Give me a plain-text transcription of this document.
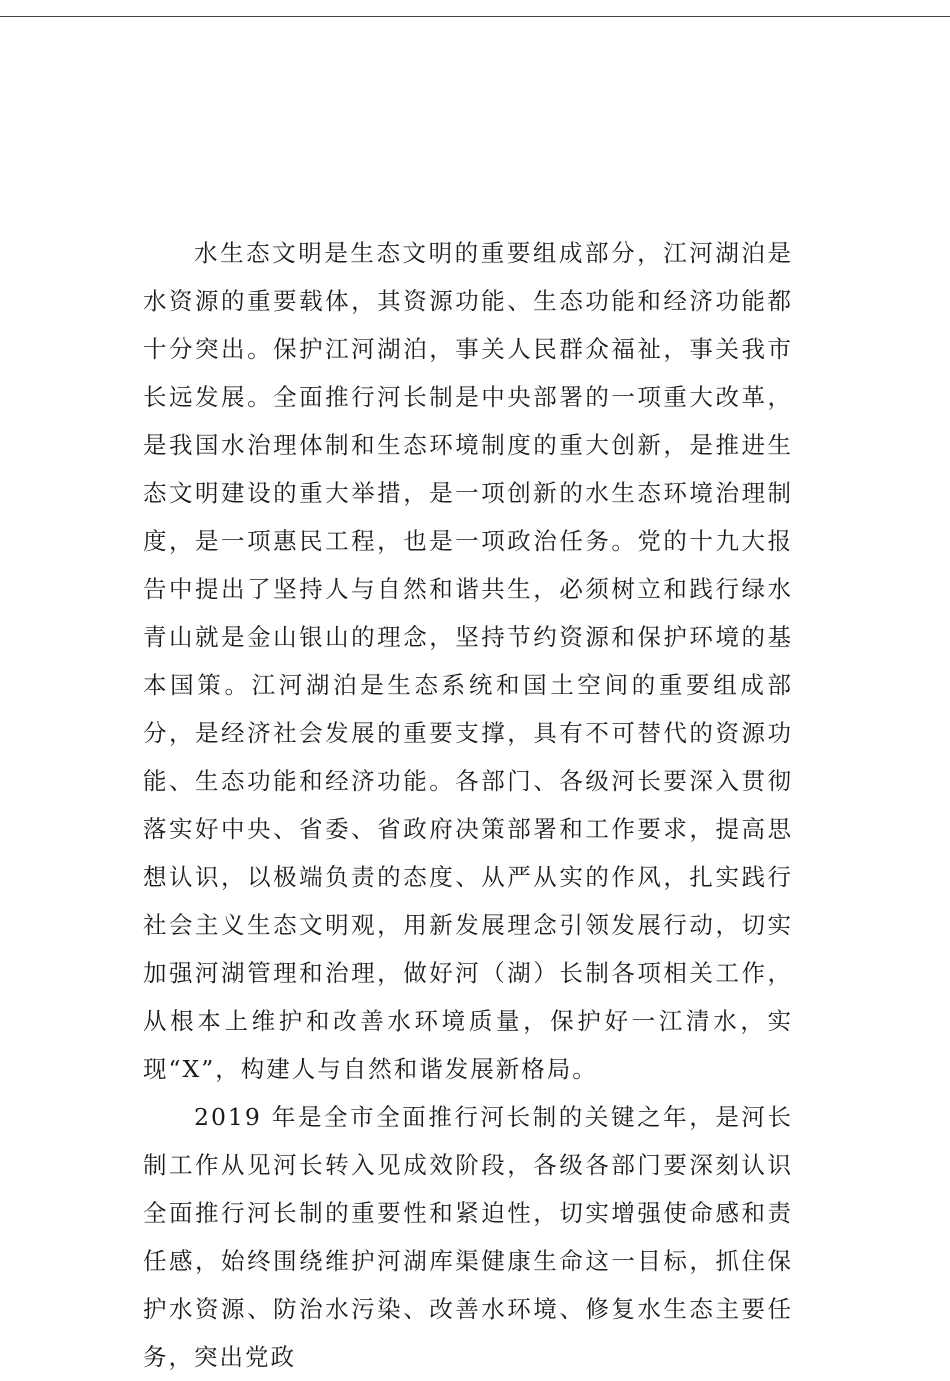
水生态文明是生态文明的重要组成部分，江河湖泊是水资源的重要载体，其资源功能、生态功能和经济功能都十分突出。保护江河湖泊，事关人民群众福祉，事关我市长远发展。全面推行河长制是中央部署的一项重大改革，是我国水治理体制和生态环境制度的重大创新，是推进生态文明建设的重大举措，是一项创新的水生态环境治理制度，是一项惠民工程，也是一项政治任务。党的十九大报告中提出了坚持人与自然和谐共生，必须树立和践行绿水青山就是金山银山的理念，坚持节约资源和保护环境的基本国策。江河湖泊是生态系统和国土空间的重要组成部分，是经济社会发展的重要支撑，具有不可替代的资源功能、生态功能和经济功能。各部门、各级河长要深入贯彻落实好中央、省委、省政府决策部署和工作要求，提高思想认识，以极端负责的态度、从严从实的作风，扎实践行社会主义生态文明观，用新发展理念引领发展行动，切实加强河湖管理和治理，做好河（湖）长制各项相关工作，从根本上维护和改善水环境质量，保护好一江清水，实现“X”，构建人与自然和谐发展新格局。

2019 年是全市全面推行河长制的关键之年，是河长制工作从见河长转入见成效阶段，各级各部门要深刻认识全面推行河长制的重要性和紧迫性，切实增强使命感和责任感，始终围绕维护河湖库渠健康生命这一目标，抓住保护水资源、防治水污染、改善水环境、修复水生态主要任务，突出党政
